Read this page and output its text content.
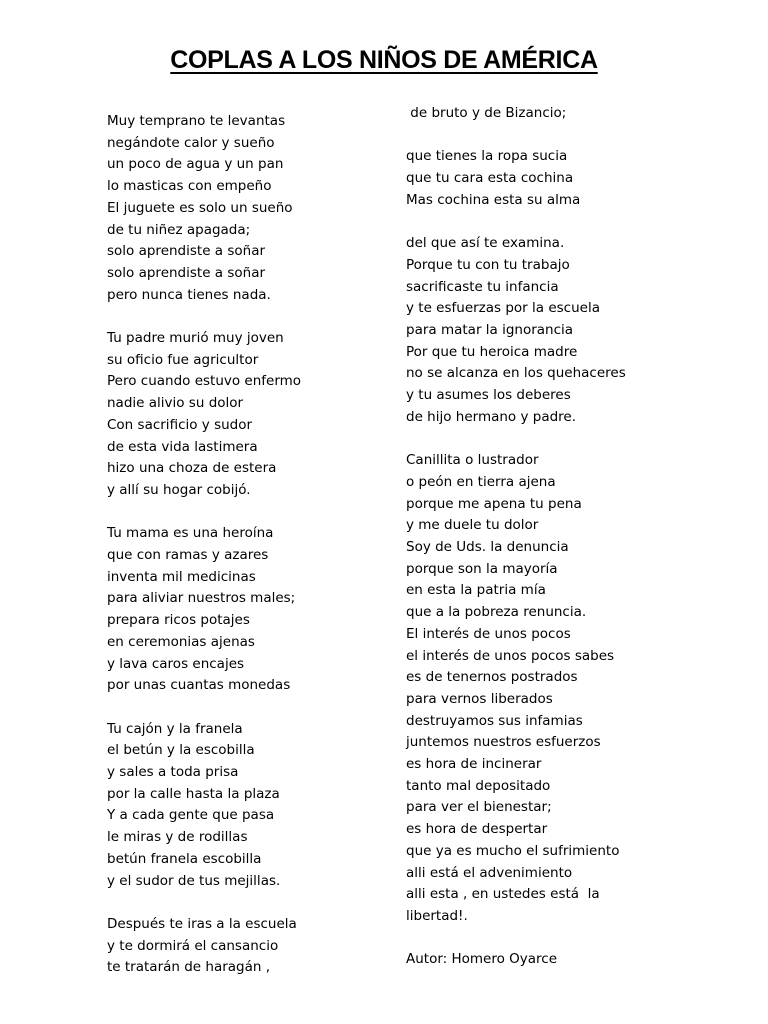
COPLAS A LOS NIÑOS DE AMÉRICA
Muy temprano te levantas
negándote calor y sueño
un poco de agua y un pan
lo masticas con empeño
El juguete es solo un sueño
de tu niñez apagada;
solo aprendiste a soñar
solo aprendiste a soñar
pero nunca tienes nada.
Tu padre murió muy joven
su oficio fue agricultor
Pero cuando estuvo enfermo
nadie alivio su dolor
Con sacrificio y sudor
de esta vida lastimera
hizo una choza de estera
y allí su hogar cobijó.
Tu mama es una heroína
que con ramas y azares
inventa mil medicinas
para aliviar nuestros males;
prepara ricos potajes
en ceremonias ajenas
y lava caros encajes
por unas cuantas monedas
Tu cajón y la franela
el betún y la escobilla
y sales a toda prisa
por la calle hasta la plaza
Y a cada gente que pasa
le miras y de rodillas
betún franela escobilla
y el sudor de tus mejillas.
Después te iras a la escuela
y te dormirá el cansancio
te tratarán de haragán ,
de bruto y de Bizancio;
que tienes la ropa sucia
que tu cara esta cochina
Mas cochina esta su alma
del que así te examina.
Porque tu con tu trabajo
sacrificaste tu infancia
y te esfuerzas por la escuela
para matar la ignorancia
Por que tu heroica madre
no se alcanza en los quehaceres
y tu asumes los deberes
de hijo hermano y padre.
Canillita o lustrador
o peón en tierra ajena
porque me apena tu pena
y me duele tu dolor
Soy de Uds. la denuncia
porque son la mayoría
en esta la patria mía
que a la pobreza renuncia.
El interés de unos pocos
el interés de unos pocos sabes
es de tenernos postrados
para vernos liberados
destruyamos sus infamias
juntemos nuestros esfuerzos
es hora de incinerar
tanto mal depositado
para ver el bienestar;
es hora de despertar
que ya es mucho el sufrimiento
alli está el advenimiento
alli esta , en ustedes está  la
libertad!.
Autor: Homero Oyarce
